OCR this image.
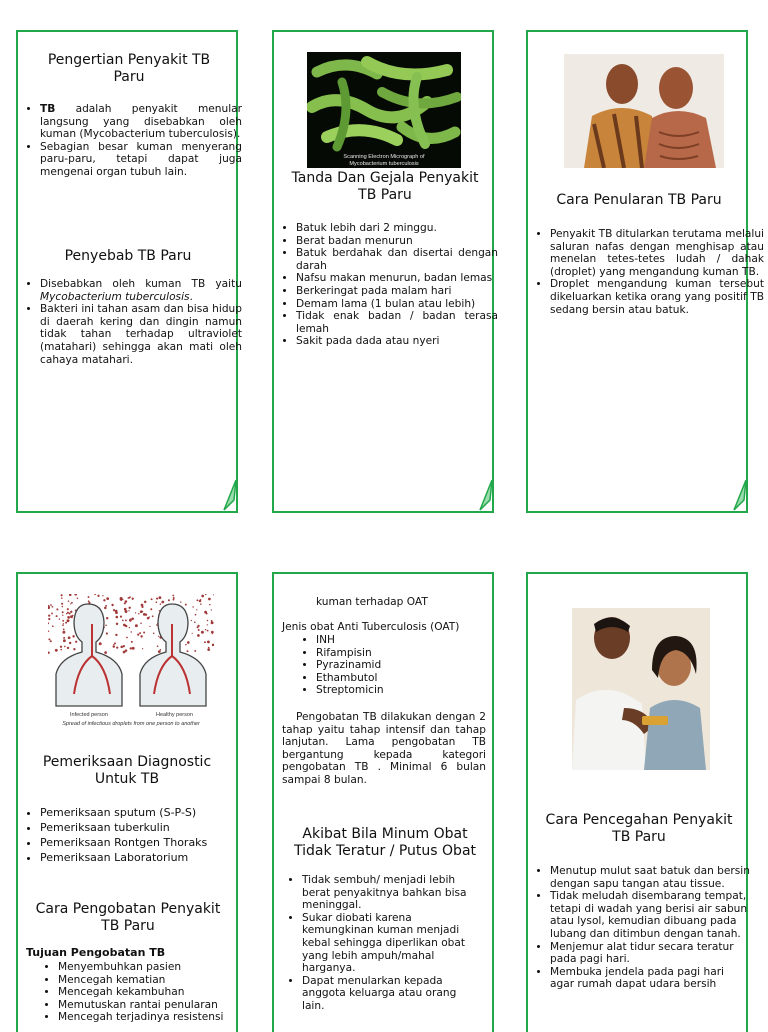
Pengertian Penyakit TB Paru
• TB adalah penyakit menular langsung yang disebabkan oleh kuman (Mycobacterium tuberculosis).
• Sebagian besar kuman menyerang paru-paru, tetapi dapat juga mengenai organ tubuh lain.
Penyebab TB Paru
• Disebabkan oleh kuman TB yaitu Mycobacterium tuberculosis.
• Bakteri ini tahan asam dan bisa hidup di daerah kering dan dingin namun tidak tahan terhadap ultraviolet (matahari) sehingga akan mati oleh cahaya matahari.
Scanning Electron Micrograph of
Mycobacterium tuberculosis
Tanda Dan Gejala Penyakit TB Paru
• Batuk lebih dari 2 minggu.
• Berat badan menurun
• Batuk berdahak dan disertai dengan darah
• Nafsu makan menurun, badan lemas
• Berkeringat pada malam hari
• Demam lama (1 bulan atau lebih)
• Tidak enak badan / badan terasa lemah
• Sakit pada dada atau nyeri
Cara Penularan TB Paru
• Penyakit TB ditularkan terutama melalui saluran nafas dengan menghisap atau menelan tetes-tetes ludah / dahak (droplet) yang mengandung kuman TB.
• Droplet mengandung kuman tersebut dikeluarkan ketika orang yang positif TB sedang bersin atau batuk.
Infected person	Healthy person
Spread of infectious droplets from one person to another
Pemeriksaan Diagnostic Untuk TB
• Pemeriksaan sputum (S-P-S)
• Pemeriksaan tuberkulin
• Pemeriksaan Rontgen Thoraks
• Pemeriksaan Laboratorium
Cara Pengobatan Penyakit TB Paru
Tujuan Pengobatan TB
• Menyembuhkan pasien
• Mencegah kematian
• Mencegah kekambuhan
• Memutuskan rantai penularan
• Mencegah terjadinya resistensi
kuman terhadap OAT
Jenis obat Anti Tuberculosis (OAT)
• INH
• Rifampisin
• Pyrazinamid
• Ethambutol
• Streptomicin

Pengobatan TB dilakukan dengan 2 tahap yaitu tahap intensif dan tahap lanjutan. Lama pengobatan TB bergantung kepada kategori pengobatan TB . Minimal 6 bulan sampai 8 bulan.

Akibat Bila Minum Obat Tidak Teratur / Putus Obat
• Tidak sembuh/ menjadi lebih berat penyakitnya bahkan bisa meninggal.
• Sukar diobati karena kemungkinan kuman menjadi kebal sehingga diperlikan obat yang lebih ampuh/mahal harganya.
• Dapat menularkan kepada anggota keluarga atau orang lain.
Cara Pencegahan Penyakit TB Paru
• Menutup mulut saat batuk dan bersin dengan sapu tangan atau tissue.
• Tidak meludah disembarang tempat, tetapi di wadah yang berisi air sabun atau lysol, kemudian dibuang pada lubang dan ditimbun dengan tanah.
• Menjemur alat tidur secara teratur pada pagi hari.
• Membuka jendela pada pagi hari agar rumah dapat udara bersih
